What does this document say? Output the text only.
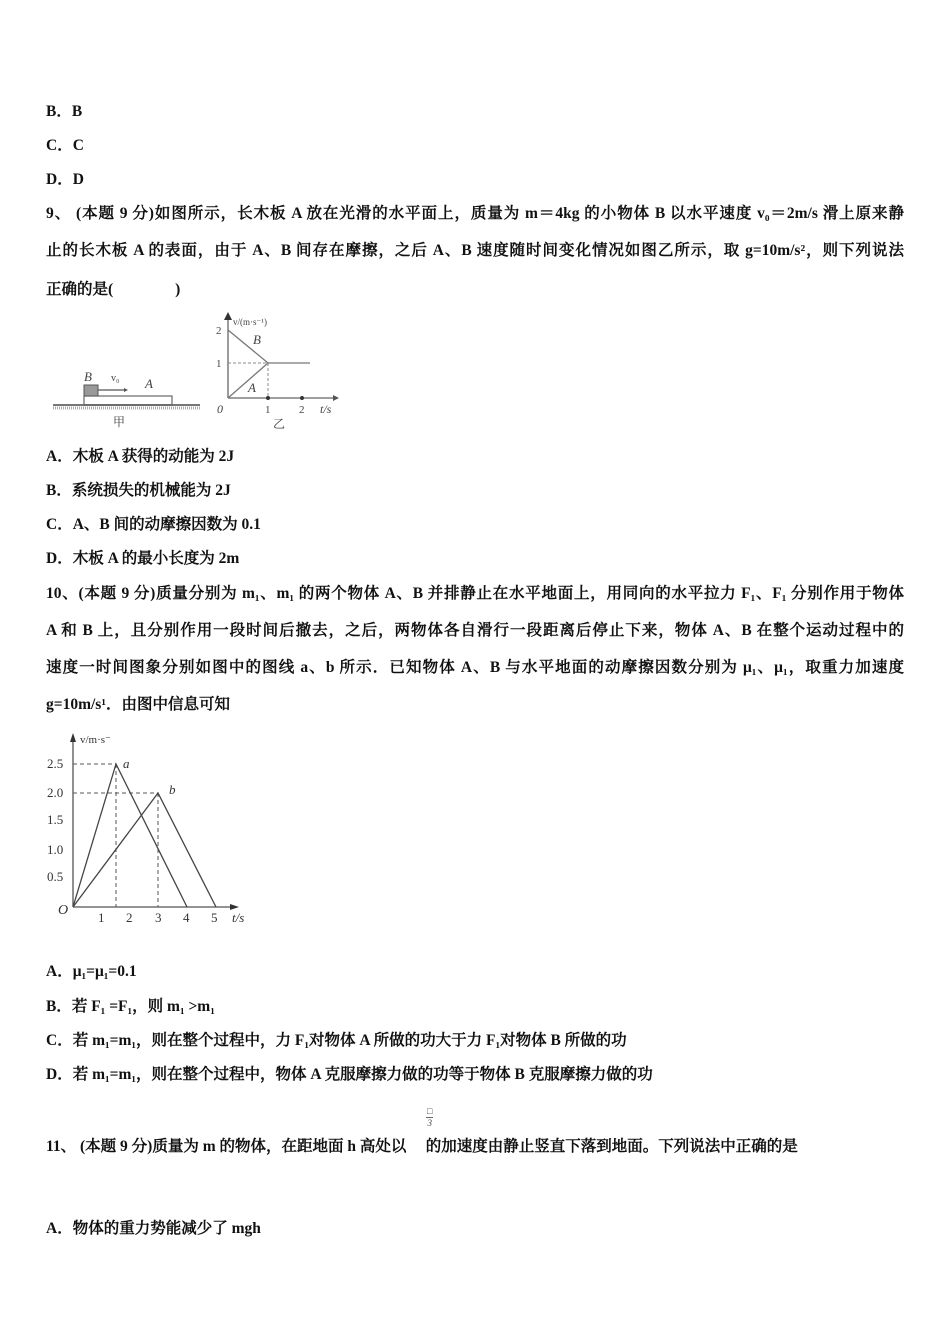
B．B
C．C
D．D
9、 (本题 9 分)如图所示，长木板 A 放在光滑的水平面上，质量为 m＝4kg 的小物体 B 以水平速度 v₀＝2m/s 滑上原来静
止的长木板 A 的表面，由于 A、B 间存在摩擦，之后 A、B 速度随时间变化情况如图乙所示，取 g=10m/s²，则下列说法
正确的是(　　　　)
B v₀ A
甲
v/(m·s⁻¹)
2
1
0	1	2 t/s
B
A
乙
v/m·s⁻
0.5
1.0
1.5
2.0
2.5
O 1 2 3 4 5 t/s
a
b
A．木板 A 获得的动能为 2J
B．系统损失的机械能为 2J
C．A、B 间的动摩擦因数为 0.1
D．木板 A 的最小长度为 2m
10、(本题 9 分)质量分别为 m₁、m₁ 的两个物体 A、B 并排静止在水平地面上，用同向的水平拉力 F₁、F₁ 分别作用于物体
A 和 B 上，且分别作用一段时间后撤去，之后，两物体各自滑行一段距离后停止下来，物体 A、B 在整个运动过程中的
速度一时间图象分别如图中的图线 a、b 所示．已知物体 A、B 与水平地面的动摩擦因数分别为 μ₁、μ₁，取重力加速度
g=10m/s¹．由图中信息可知
A．μ₁=μ₁=0.1
B．若 F₁ =F₁，则 m₁ >m₁
C．若 m₁=m₁，则在整个过程中，力 F₁对物体 A 所做的功大于力 F₁对物体 B 所做的功
D．若 m₁=m₁，则在整个过程中，物体 A 克服摩擦力做的功等于物体 B 克服摩擦力做的功
□
3
11、 (本题 9 分)质量为 m 的物体，在距地面 h 高处以　 的加速度由静止竖直下落到地面。下列说法中正确的是
A．物体的重力势能减少了 mgh
